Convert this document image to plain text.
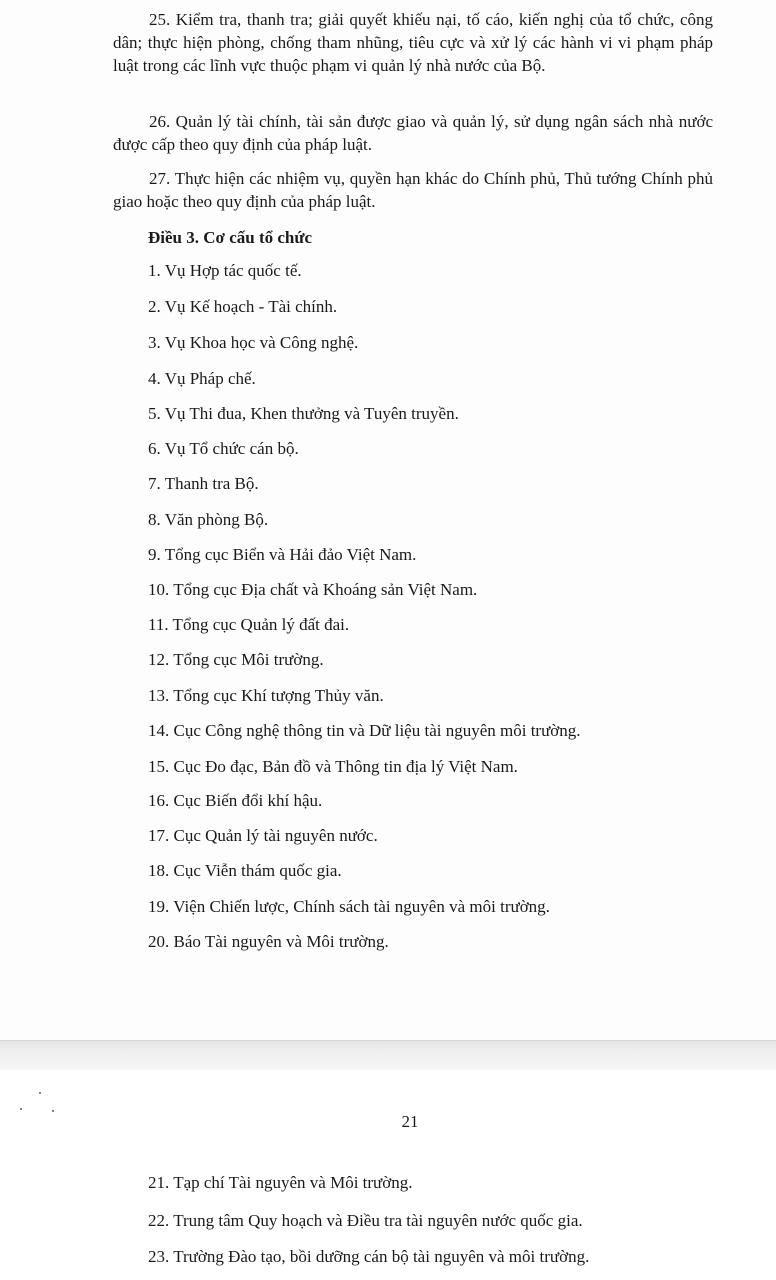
25. Kiểm tra, thanh tra; giải quyết khiếu nại, tố cáo, kiến nghị của tổ chức, công dân; thực hiện phòng, chống tham nhũng, tiêu cực và xử lý các hành vi vi phạm pháp luật trong các lĩnh vực thuộc phạm vi quản lý nhà nước của Bộ.

26. Quản lý tài chính, tài sản được giao và quản lý, sử dụng ngân sách nhà nước được cấp theo quy định của pháp luật.

27. Thực hiện các nhiệm vụ, quyền hạn khác do Chính phủ, Thủ tướng Chính phủ giao hoặc theo quy định của pháp luật.

Điều 3. Cơ cấu tổ chức

1. Vụ Hợp tác quốc tế.

2. Vụ Kế hoạch - Tài chính.

3. Vụ Khoa học và Công nghệ.

4. Vụ Pháp chế.

5. Vụ Thi đua, Khen thưởng và Tuyên truyền.

6. Vụ Tổ chức cán bộ.

7. Thanh tra Bộ.

8. Văn phòng Bộ.

9. Tổng cục Biển và Hải đảo Việt Nam.

10. Tổng cục Địa chất và Khoáng sản Việt Nam.

11. Tổng cục Quản lý đất đai.

12. Tổng cục Môi trường.

13. Tổng cục Khí tượng Thủy văn.

14. Cục Công nghệ thông tin và Dữ liệu tài nguyên môi trường.

15. Cục Đo đạc, Bản đồ và Thông tin địa lý Việt Nam.

16. Cục Biến đổi khí hậu.

17. Cục Quản lý tài nguyên nước.

18. Cục Viễn thám quốc gia.

19. Viện Chiến lược, Chính sách tài nguyên và môi trường.

20. Báo Tài nguyên và Môi trường.

21

21. Tạp chí Tài nguyên và Môi trường.

22. Trung tâm Quy hoạch và Điều tra tài nguyên nước quốc gia.

23. Trường Đào tạo, bồi dưỡng cán bộ tài nguyên và môi trường.
